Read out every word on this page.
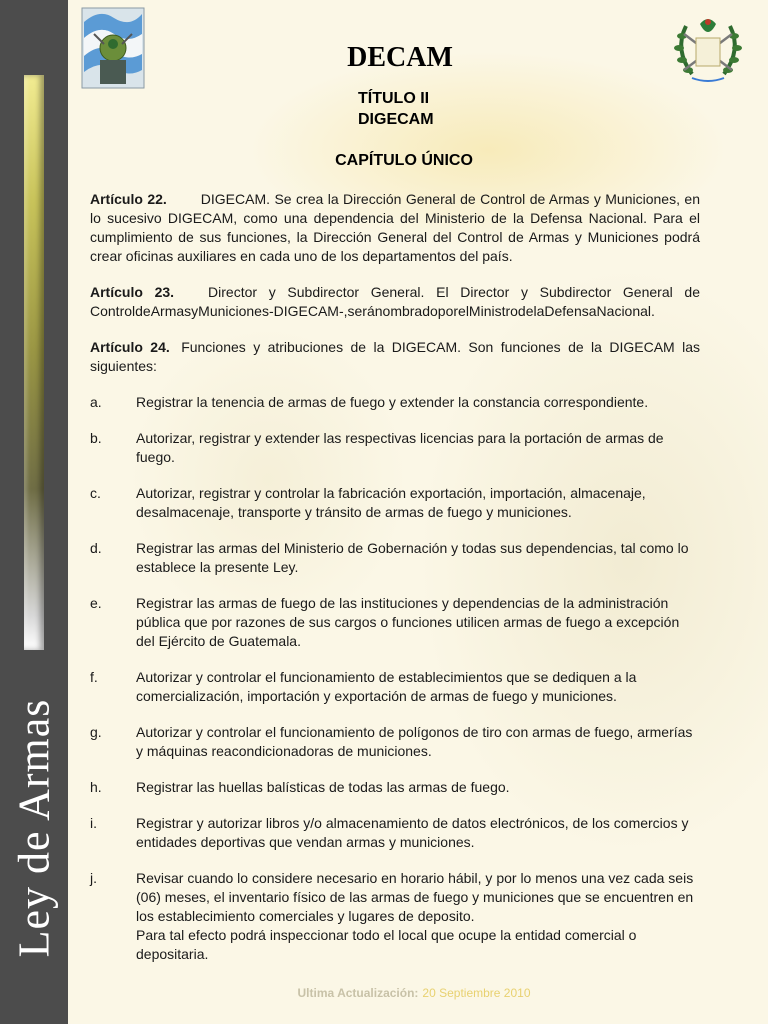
Ley de Armas
DECAM
TÍTULO II
DIGECAM
CAPÍTULO ÚNICO

Artículo 22. DIGECAM. Se crea la Dirección General de Control de Armas y Municiones, en lo sucesivo DIGECAM, como una dependencia del Ministerio de la Defensa Nacional. Para el cumplimiento de sus funciones, la Dirección General del Control de Armas y Municiones podrá crear oficinas auxiliares en cada uno de los departamentos del país.

Artículo 23. Director y Subdirector General. El Director y Subdirector General de ControldeArmasyMuniciones-DIGECAM-,seránombradoporelMinistrodelaDefensaNacional.

Artículo 24. Funciones y atribuciones de la DIGECAM. Son funciones de la DIGECAM las siguientes:

a.	Registrar la tenencia de armas de fuego y extender la constancia correspondiente.
b.	Autorizar, registrar y extender las respectivas licencias para la portación de armas de fuego.
c.	Autorizar, registrar y controlar la fabricación exportación, importación, almacenaje, desalmacenaje, transporte y tránsito de armas de fuego y municiones.
d.	Registrar las armas del Ministerio de Gobernación y todas sus dependencias, tal como lo establece la presente Ley.
e.	Registrar las armas de fuego de las instituciones y dependencias de la administración pública que por razones de sus cargos o funciones utilicen armas de fuego a excepción del Ejército de Guatemala.
f.	Autorizar y controlar el funcionamiento de establecimientos que se dediquen a la comercialización, importación y exportación de armas de fuego y municiones.
g.	Autorizar y controlar el funcionamiento de polígonos de tiro con armas de fuego, armerías y máquinas reacondicionadoras de municiones.
h.	Registrar las huellas balísticas de todas las armas de fuego.
i.	Registrar y autorizar libros y/o almacenamiento de datos electrónicos, de los comercios y entidades deportivas que vendan armas y municiones.
j.	Revisar cuando lo considere necesario en horario hábil, y por lo menos una vez cada seis (06) meses, el inventario físico de las armas de fuego y municiones que se encuentren en los establecimiento comerciales y lugares de deposito.
Para tal efecto podrá inspeccionar todo el local que ocupe la entidad comercial o depositaria.
Ultima Actualización: 20 Septiembre 2010
